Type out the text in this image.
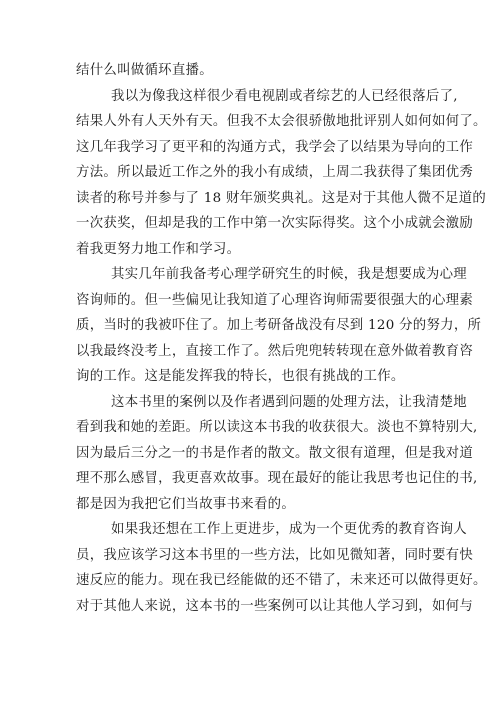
结什么叫做循环直播。
我以为像我这样很少看电视剧或者综艺的人已经很落后了,
结果人外有人天外有天。但我不太会很骄傲地批评别人如何如何了。
这几年我学习了更平和的沟通方式，我学会了以结果为导向的工作
方法。所以最近工作之外的我小有成绩，上周二我获得了集团优秀
读者的称号并参与了 18 财年颁奖典礼。这是对于其他人微不足道的
一次获奖，但却是我的工作中第一次实际得奖。这个小成就会激励
着我更努力地工作和学习。
其实几年前我备考心理学研究生的时候，我是想要成为心理
咨询师的。但一些偏见让我知道了心理咨询师需要很强大的心理素
质，当时的我被吓住了。加上考研备战没有尽到 120 分的努力，所
以我最终没考上，直接工作了。然后兜兜转转现在意外做着教育咨
询的工作。这是能发挥我的特长，也很有挑战的工作。
这本书里的案例以及作者遇到问题的处理方法，让我清楚地
看到我和她的差距。所以读这本书我的收获很大。淡也不算特别大,
因为最后三分之一的书是作者的散文。散文很有道理，但是我对道
理不那么感冒，我更喜欢故事。现在最好的能让我思考也记住的书,
都是因为我把它们当故事书来看的。
如果我还想在工作上更进步，成为一个更优秀的教育咨询人
员，我应该学习这本书里的一些方法，比如见微知著，同时要有快
速反应的能力。现在我已经能做的还不错了，未来还可以做得更好。
对于其他人来说，这本书的一些案例可以让其他人学习到，如何与
